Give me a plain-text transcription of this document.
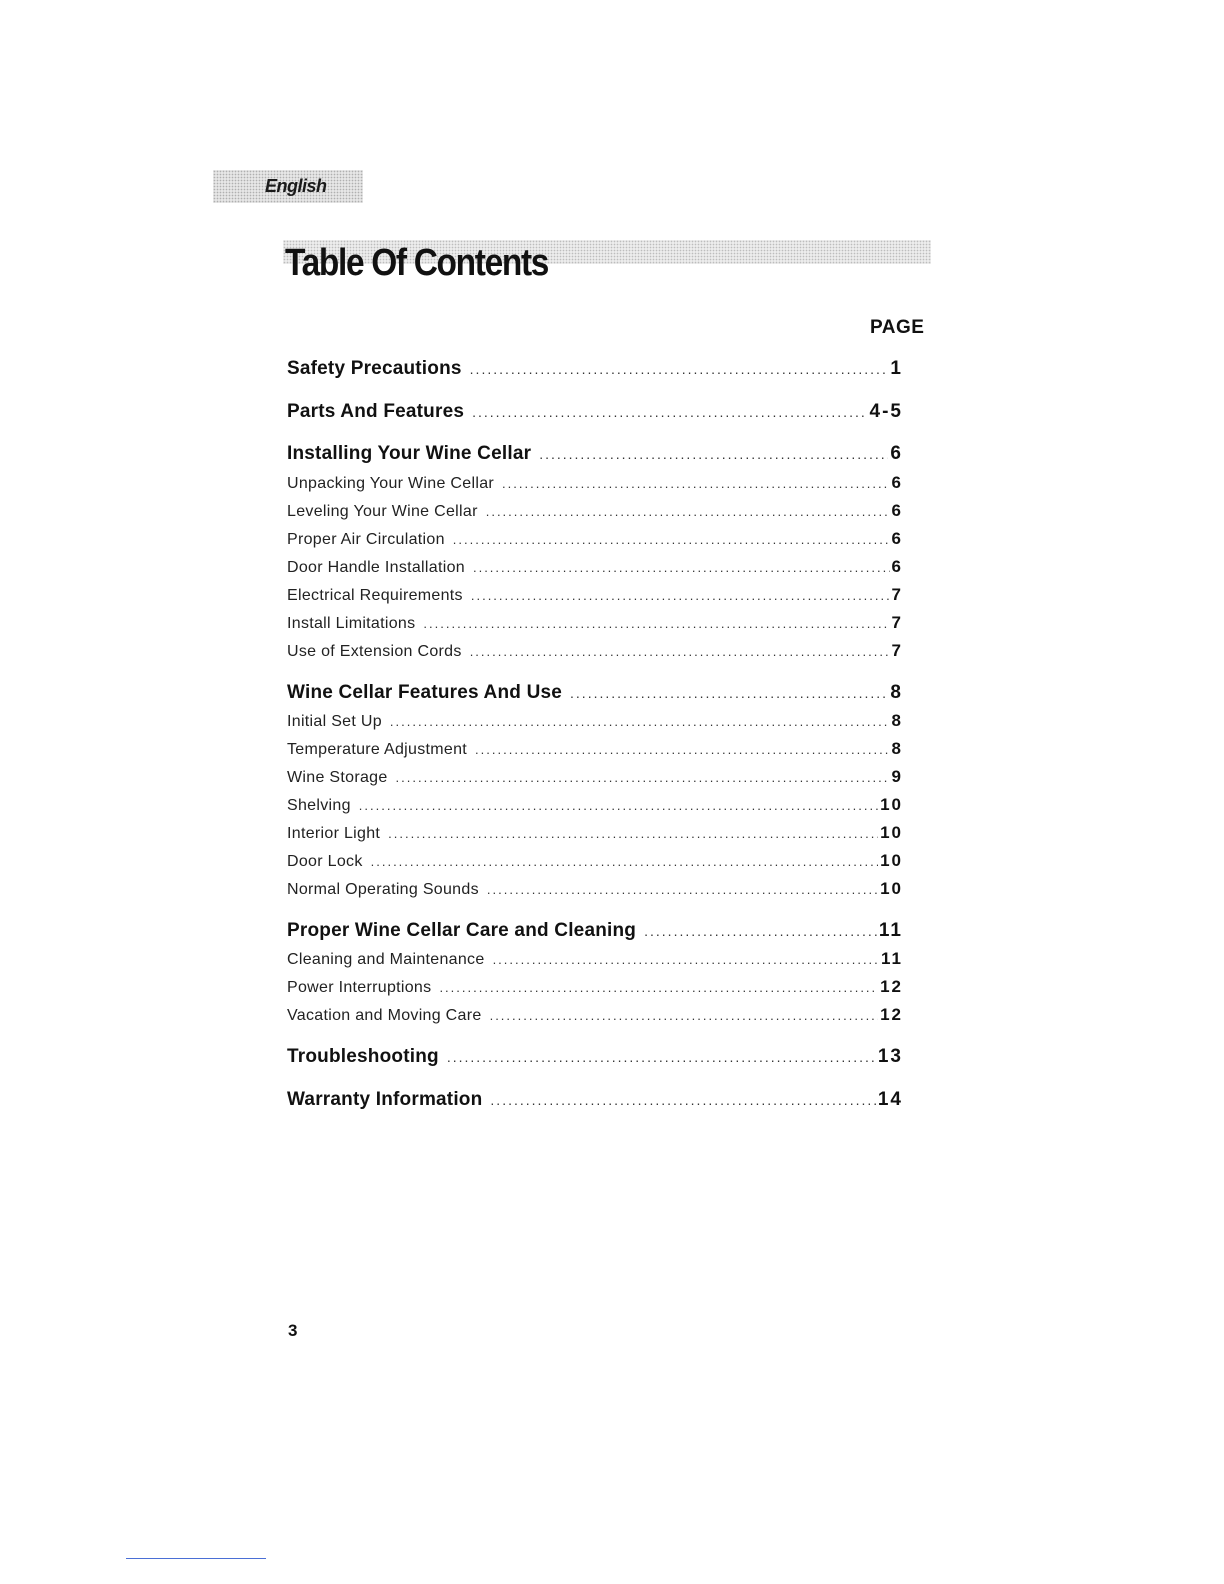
English
Table Of Contents
PAGE
Safety Precautions .....	1
Parts And Features .....	4-5
Installing Your Wine Cellar .....	6
Unpacking Your Wine Cellar .....	6
Leveling Your Wine Cellar .....	6
Proper Air Circulation .....	6
Door Handle Installation .....	6
Electrical Requirements .....	7
Install Limitations .....	7
Use of Extension Cords .....	7
Wine Cellar Features And Use .....	8
Initial Set Up .....	8
Temperature Adjustment .....	8
Wine Storage .....	9
Shelving .....	10
Interior Light .....	10
Door Lock .....	10
Normal Operating Sounds .....	10
Proper Wine Cellar Care and Cleaning .....	11
Cleaning and Maintenance .....	11
Power Interruptions .....	12
Vacation and Moving Care .....	12
Troubleshooting .....	13
Warranty Information .....	14
3
